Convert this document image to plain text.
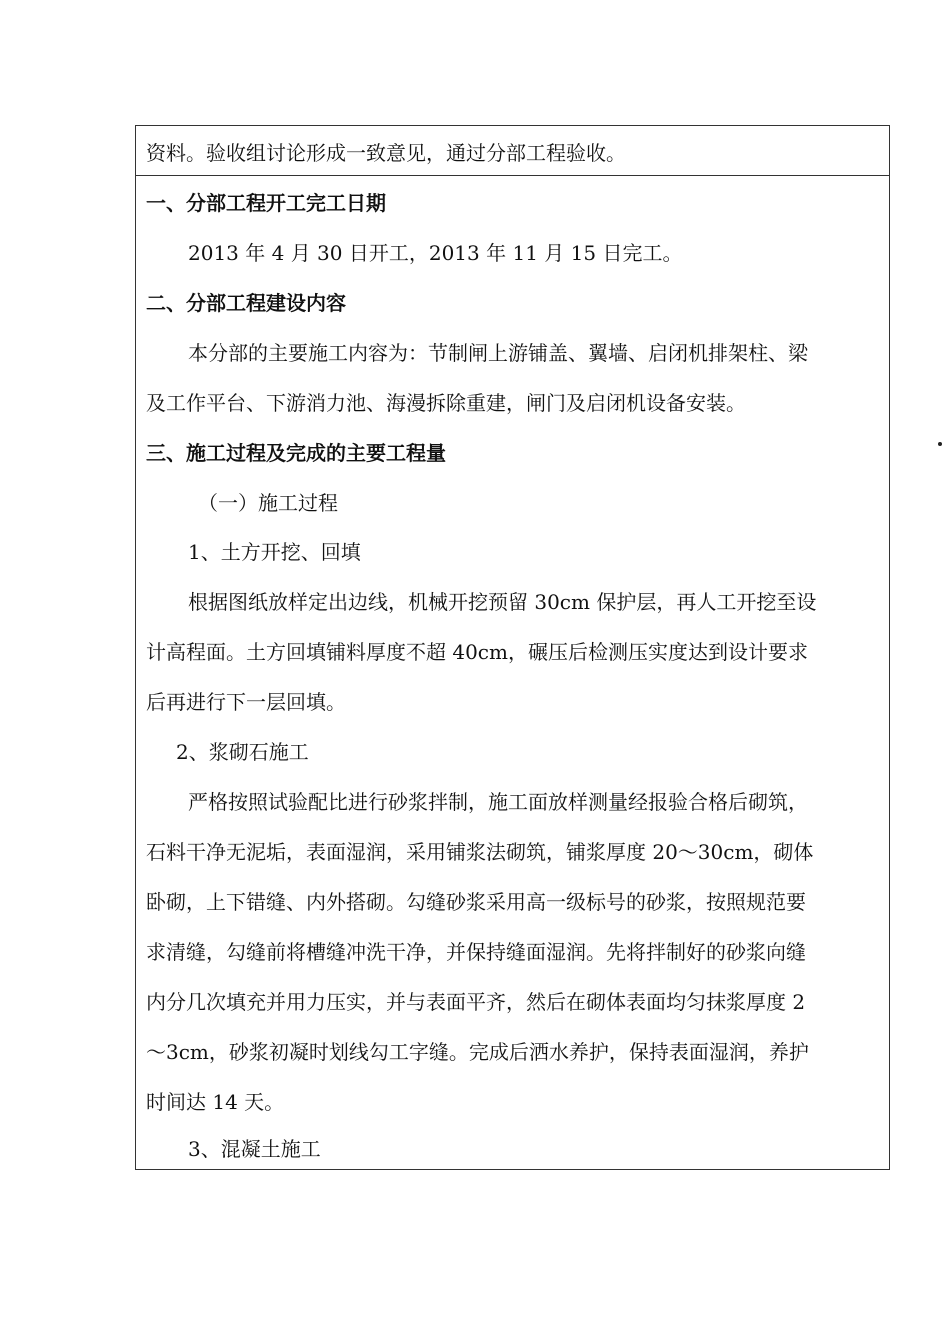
资料。验收组讨论形成一致意见，通过分部工程验收。
一、分部工程开工完工日期
2013 年 4 月 30 日开工，2013 年 11 月 15 日完工。
二、分部工程建设内容
本分部的主要施工内容为：节制闸上游铺盖、翼墙、启闭机排架柱、梁
及工作平台、下游消力池、海漫拆除重建，闸门及启闭机设备安装。
三、施工过程及完成的主要工程量
（一）施工过程
1、土方开挖、回填
根据图纸放样定出边线，机械开挖预留 30cm 保护层，再人工开挖至设
计高程面。土方回填铺料厚度不超 40cm，碾压后检测压实度达到设计要求
后再进行下一层回填。
2、浆砌石施工
严格按照试验配比进行砂浆拌制，施工面放样测量经报验合格后砌筑，
石料干净无泥垢，表面湿润，采用铺浆法砌筑，铺浆厚度 20～30cm，砌体
卧砌，上下错缝、内外搭砌。勾缝砂浆采用高一级标号的砂浆，按照规范要
求清缝，勾缝前将槽缝冲洗干净，并保持缝面湿润。先将拌制好的砂浆向缝
内分几次填充并用力压实，并与表面平齐，然后在砌体表面均匀抹浆厚度 2
～3cm，砂浆初凝时划线勾工字缝。完成后洒水养护，保持表面湿润，养护
时间达 14 天。
3、混凝土施工
